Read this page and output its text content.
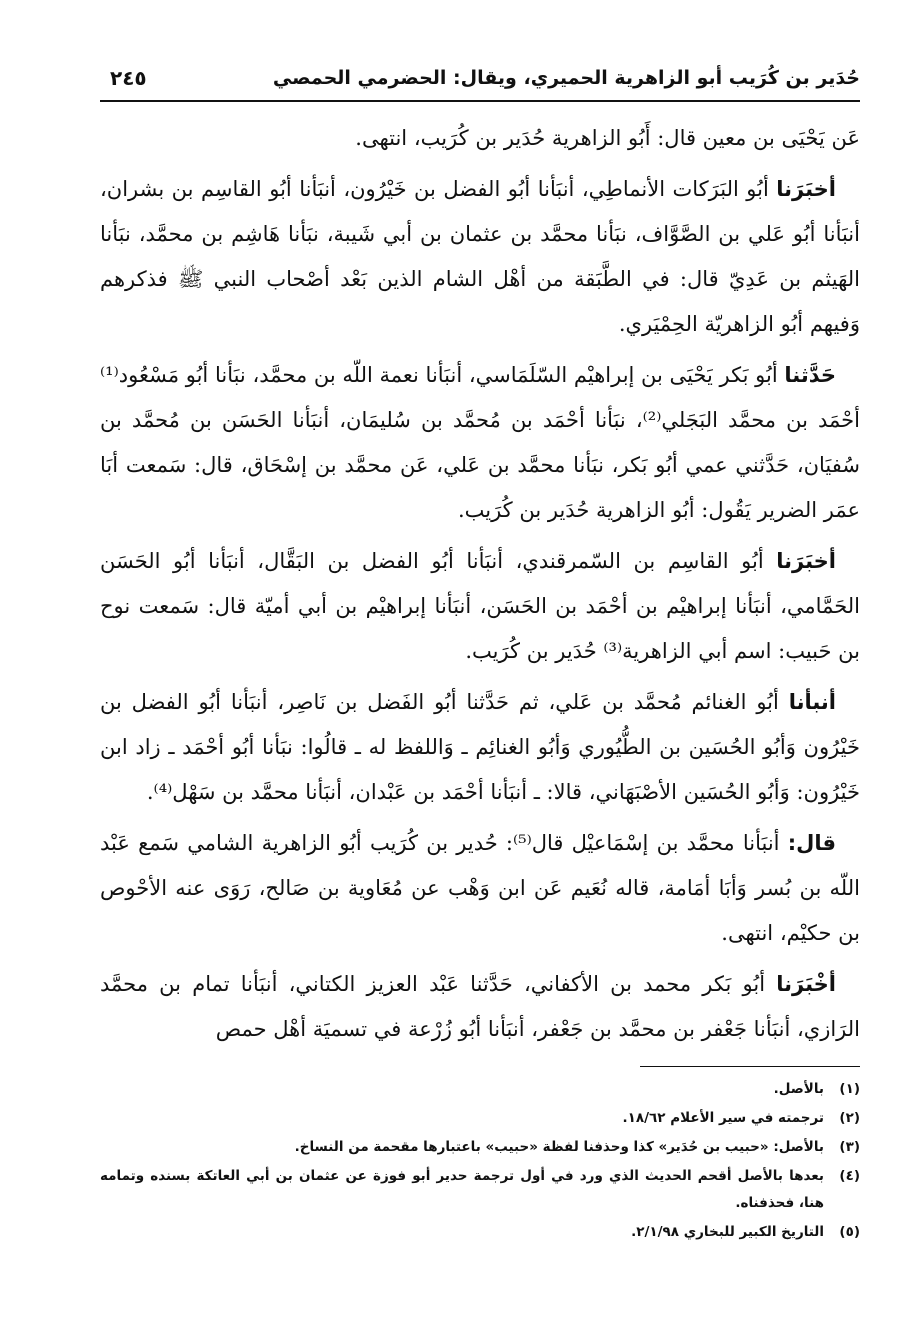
حُدَير بن كُرَيب أبو الزاهرية الحميري، ويقال: الحضرمي الحمصي
٢٤٥

عَن يَحْيَى بن معين قال: أَبُو الزاهرية حُدَير بن كُرَيب، انتهى.

أخبَرَنا أبُو البَرَكات الأنماطِي، أنبَأنا أبُو الفضل بن خَيْرُون، أنبَأنا أبُو القاسِم بن بشران، أنبَأنا أبُو عَلي بن الصَّوَّاف، نبَأنا محمَّد بن عثمان بن أبي شَيبة، نبَأنا هَاشِم بن محمَّد، نبَأنا الهَيثم بن عَدِيّ قال: في الطَّبَقة من أهْل الشام الذين بَعْد أصْحاب النبي ﷺ فذكرهم وَفيهم أبُو الزاهريّة الحِمْيَري.

حَدَّثنا أبُو بَكر يَحْيَى بن إبراهيْم السّلَمَاسي، أنبَأنا نعمة اللّه بن محمَّد، نبَأنا أبُو مَسْعُود⁽¹⁾ أحْمَد بن محمَّد البَجَلي⁽²⁾، نبَأنا أحْمَد بن مُحمَّد بن سُليمَان، أنبَأنا الحَسَن بن مُحمَّد بن سُفيَان، حَدَّثني عمي أبُو بَكر، نبَأنا محمَّد بن عَلي، عَن محمَّد بن إسْحَاق، قال: سَمعت أبَا عمَر الضرير يَقُول: أبُو الزاهرية حُدَير بن كُرَيب.

أخبَرَنا أبُو القاسِم بن السّمرقندي، أنبَأنا أبُو الفضل بن البَقَّال، أنبَأنا أبُو الحَسَن الحَمَّامي، أنبَأنا إبراهيْم بن أحْمَد بن الحَسَن، أنبَأنا إبراهيْم بن أبي أميّة قال: سَمعت نوح بن حَبيب: اسم أبي الزاهرية⁽³⁾ حُدَير بن كُرَيب.

أنبأنا أبُو الغنائم مُحمَّد بن عَلي، ثم حَدَّثنا أبُو الفَضل بن نَاصِر، أنبَأنا أبُو الفضل بن خَيْرُون وَأبُو الحُسَين بن الطُّيُوري وَأبُو الغنائِم ـ وَاللفظ له ـ قالُوا: نبَأنا أبُو أحْمَد ـ زاد ابن خَيْرُون: وَأبُو الحُسَين الأصْبَهَاني، قالا: ـ أنبَأنا أحْمَد بن عَبْدان، أنبَأنا محمَّد بن سَهْل⁽⁴⁾.

قال: أنبَأنا محمَّد بن إسْمَاعيْل قال⁽⁵⁾: حُدير بن كُرَيب أبُو الزاهرية الشامي سَمع عَبْد اللّه بن بُسر وَأبَا أمَامة، قاله نُعَيم عَن ابن وَهْب عن مُعَاوية بن صَالح، رَوَى عنه الأحْوص بن حكيْم، انتهى.

أخْبَرَنا أبُو بَكر محمد بن الأكفاني، حَدَّثنا عَبْد العزيز الكتاني، أنبَأنا تمام بن محمَّد الرَازي، أنبَأنا جَعْفر بن محمَّد بن جَعْفر، أنبَأنا أبُو زُرْعة في تسميَة أهْل حمص

(١)
بالأصل.
(٢)
ترجمته في سير الأعلام ١٨/٦٢.
(٣)
بالأصل: «حبيب بن حُدَير» كذا وحذفنا لفظة «حبيب» باعتبارها مقحمة من النساخ.
(٤)
بعدها بالأصل أقحم الحديث الذي ورد في أول ترجمة حدير أبو فوزة عن عثمان بن أبي العاتكة بسنده وتمامه هنا، فحذفناه.
(٥)
التاريخ الكبير للبخاري ٢/١/٩٨.
